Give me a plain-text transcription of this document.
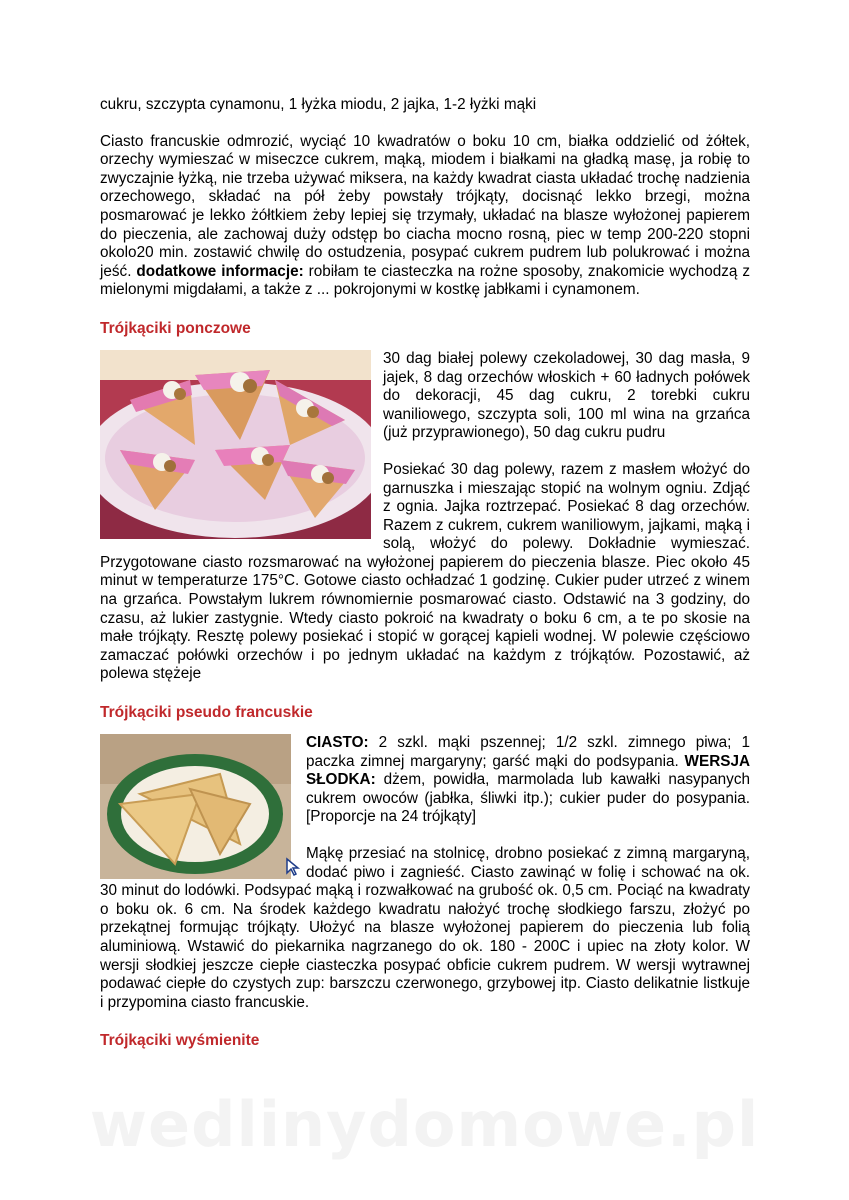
cukru, szczypta cynamonu, 1 łyżka miodu, 2 jajka, 1-2 łyżki mąki

Ciasto francuskie odmrozić, wyciąć 10 kwadratów o boku 10 cm, białka oddzielić od żółtek, orzechy wymieszać w miseczce cukrem, mąką, miodem i białkami na gładką masę, ja robię to zwyczajnie łyżką, nie trzeba używać miksera, na każdy kwadrat ciasta układać trochę nadzienia orzechowego, składać na pół żeby powstały trójkąty, docisnąć lekko brzegi, można posmarować je lekko żółtkiem żeby lepiej się trzymały, układać na blasze wyłożonej papierem do pieczenia, ale zachowaj duży odstęp bo ciacha mocno rosną, piec w temp 200-220 stopni okolo20 min. zostawić chwilę do ostudzenia, posypać cukrem pudrem lub polukrować i można jeść. dodatkowe informacje: robiłam te ciasteczka na rożne sposoby, znakomicie wychodzą z mielonymi migdałami, a także z ... pokrojonymi w kostkę jabłkami i cynamonem.

Trójkąciki ponczowe

30 dag białej polewy czekoladowej, 30 dag masła, 9 jajek, 8 dag orzechów włoskich + 60 ładnych połówek do dekoracji, 45 dag cukru, 2 torebki cukru waniliowego, szczypta soli, 100 ml wina na grzańca (już przyprawionego), 50 dag cukru pudru

Posiekać 30 dag polewy, razem z masłem włożyć do garnuszka i mieszając stopić na wolnym ogniu. Zdjąć z ognia. Jajka roztrzepać. Posiekać 8 dag orzechów. Razem z cukrem, cukrem waniliowym, jajkami, mąką i solą, włożyć do polewy. Dokładnie wymieszać. Przygotowane ciasto rozsmarować na wyłożonej papierem do pieczenia blasze. Piec około 45 minut w temperaturze 175°C. Gotowe ciasto ochładzać 1 godzinę. Cukier puder utrzeć z winem na grzańca. Powstałym lukrem równomiernie posmarować ciasto. Odstawić na 3 godziny, do czasu, aż lukier zastygnie. Wtedy ciasto pokroić na kwadraty o boku 6 cm, a te po skosie na małe trójkąty. Resztę polewy posiekać i stopić w gorącej kąpieli wodnej. W polewie częściowo zamaczać połówki orzechów i po jednym układać na każdym z trójkątów. Pozostawić, aż polewa stężeje

Trójkąciki pseudo francuskie

CIASTO: 2 szkl. mąki pszennej; 1/2 szkl. zimnego piwa; 1 paczka zimnej margaryny; garść mąki do podsypania. WERSJA SŁODKA: dżem, powidła, marmolada lub kawałki nasypanych cukrem owoców (jabłka, śliwki itp.); cukier puder do posypania. [Proporcje na 24 trójkąty]

Mąkę przesiać na stolnicę, drobno posiekać z zimną margaryną, dodać piwo i zagnieść. Ciasto zawinąć w folię i schować na ok. 30 minut do lodówki. Podsypać mąką i rozwałkować na grubość ok. 0,5 cm. Pociąć na kwadraty o boku ok. 6 cm. Na środek każdego kwadratu nałożyć trochę słodkiego farszu, złożyć po przekątnej formując trójkąty. Ułożyć na blasze wyłożonej papierem do pieczenia lub folią aluminiową. Wstawić do piekarnika nagrzanego do ok. 180 - 200C i upiec na złoty kolor. W wersji słodkiej jeszcze ciepłe ciasteczka posypać obficie cukrem pudrem. W wersji wytrawnej podawać ciepłe do czystych zup: barszczu czerwonego, grzybowej itp. Ciasto delikatnie listkuje i przypomina ciasto francuskie.

Trójkąciki wyśmienite
wedlinydomowe.pl
